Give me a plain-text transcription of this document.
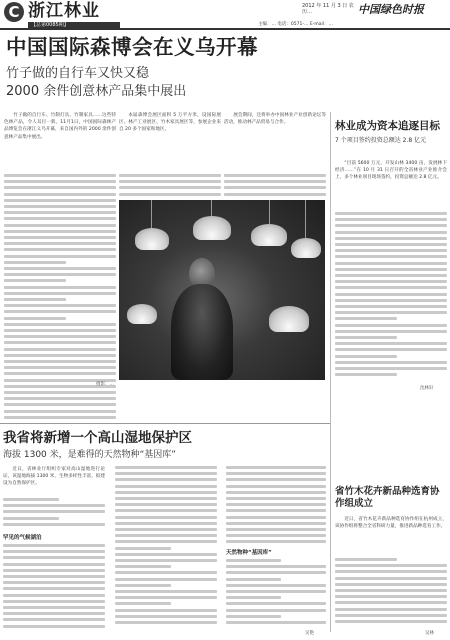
C 浙江林业
【总第0085期】
2012 年 11 月 3 日 农历…	中国绿色时报
主编：… 电话：0571-… E-mail：…
中国国际森博会在义乌开幕
竹子做的自行车又快又稳
2000 余件创意林产品集中展出

竹子做的自行车、竹制灯具、竹制家具……这些特色林产品，令人耳目一新。11月1日，中国国际森林产品博览会在浙江义乌开幕，来自国内外的 2000 余件创意林产品集中展出。

本届森博会展区面积 5 万平方米，设国际展区、林产工业展区、竹木家具展区等，参展企业来自 20 多个国家和地区。

展会期间，还将举办中国林业产业创新论坛等活动，推动林产品贸易与合作。

摄影：…
林业成为资本追逐目标
7 个项目签约投资总额达 2.8 亿元

“目前 5600 万元，开发山林 3400 亩，发展林下经济……”在 10 月 31 日召开的全省林业产业推介会上，多个林业项目现场签约，投资总额达 2.8 亿元。

沈林轩
省竹木花卉新品种选育协作组成立

近日，省竹木花卉新品种选育协作组在杭州成立，该协作组将整合全省科研力量，推进新品种选育工作。

吴林
我省将新增一个高山湿地保护区
海拔 1300 米，是难得的天然物种“基因库”

近日，省林业厅组织专家对高山湿地进行论证，该湿地海拔 1300 米，生物多样性丰富，拟建设为自然保护区。

罕见的气候湖泊
天然物种“基因库”
吴艳
